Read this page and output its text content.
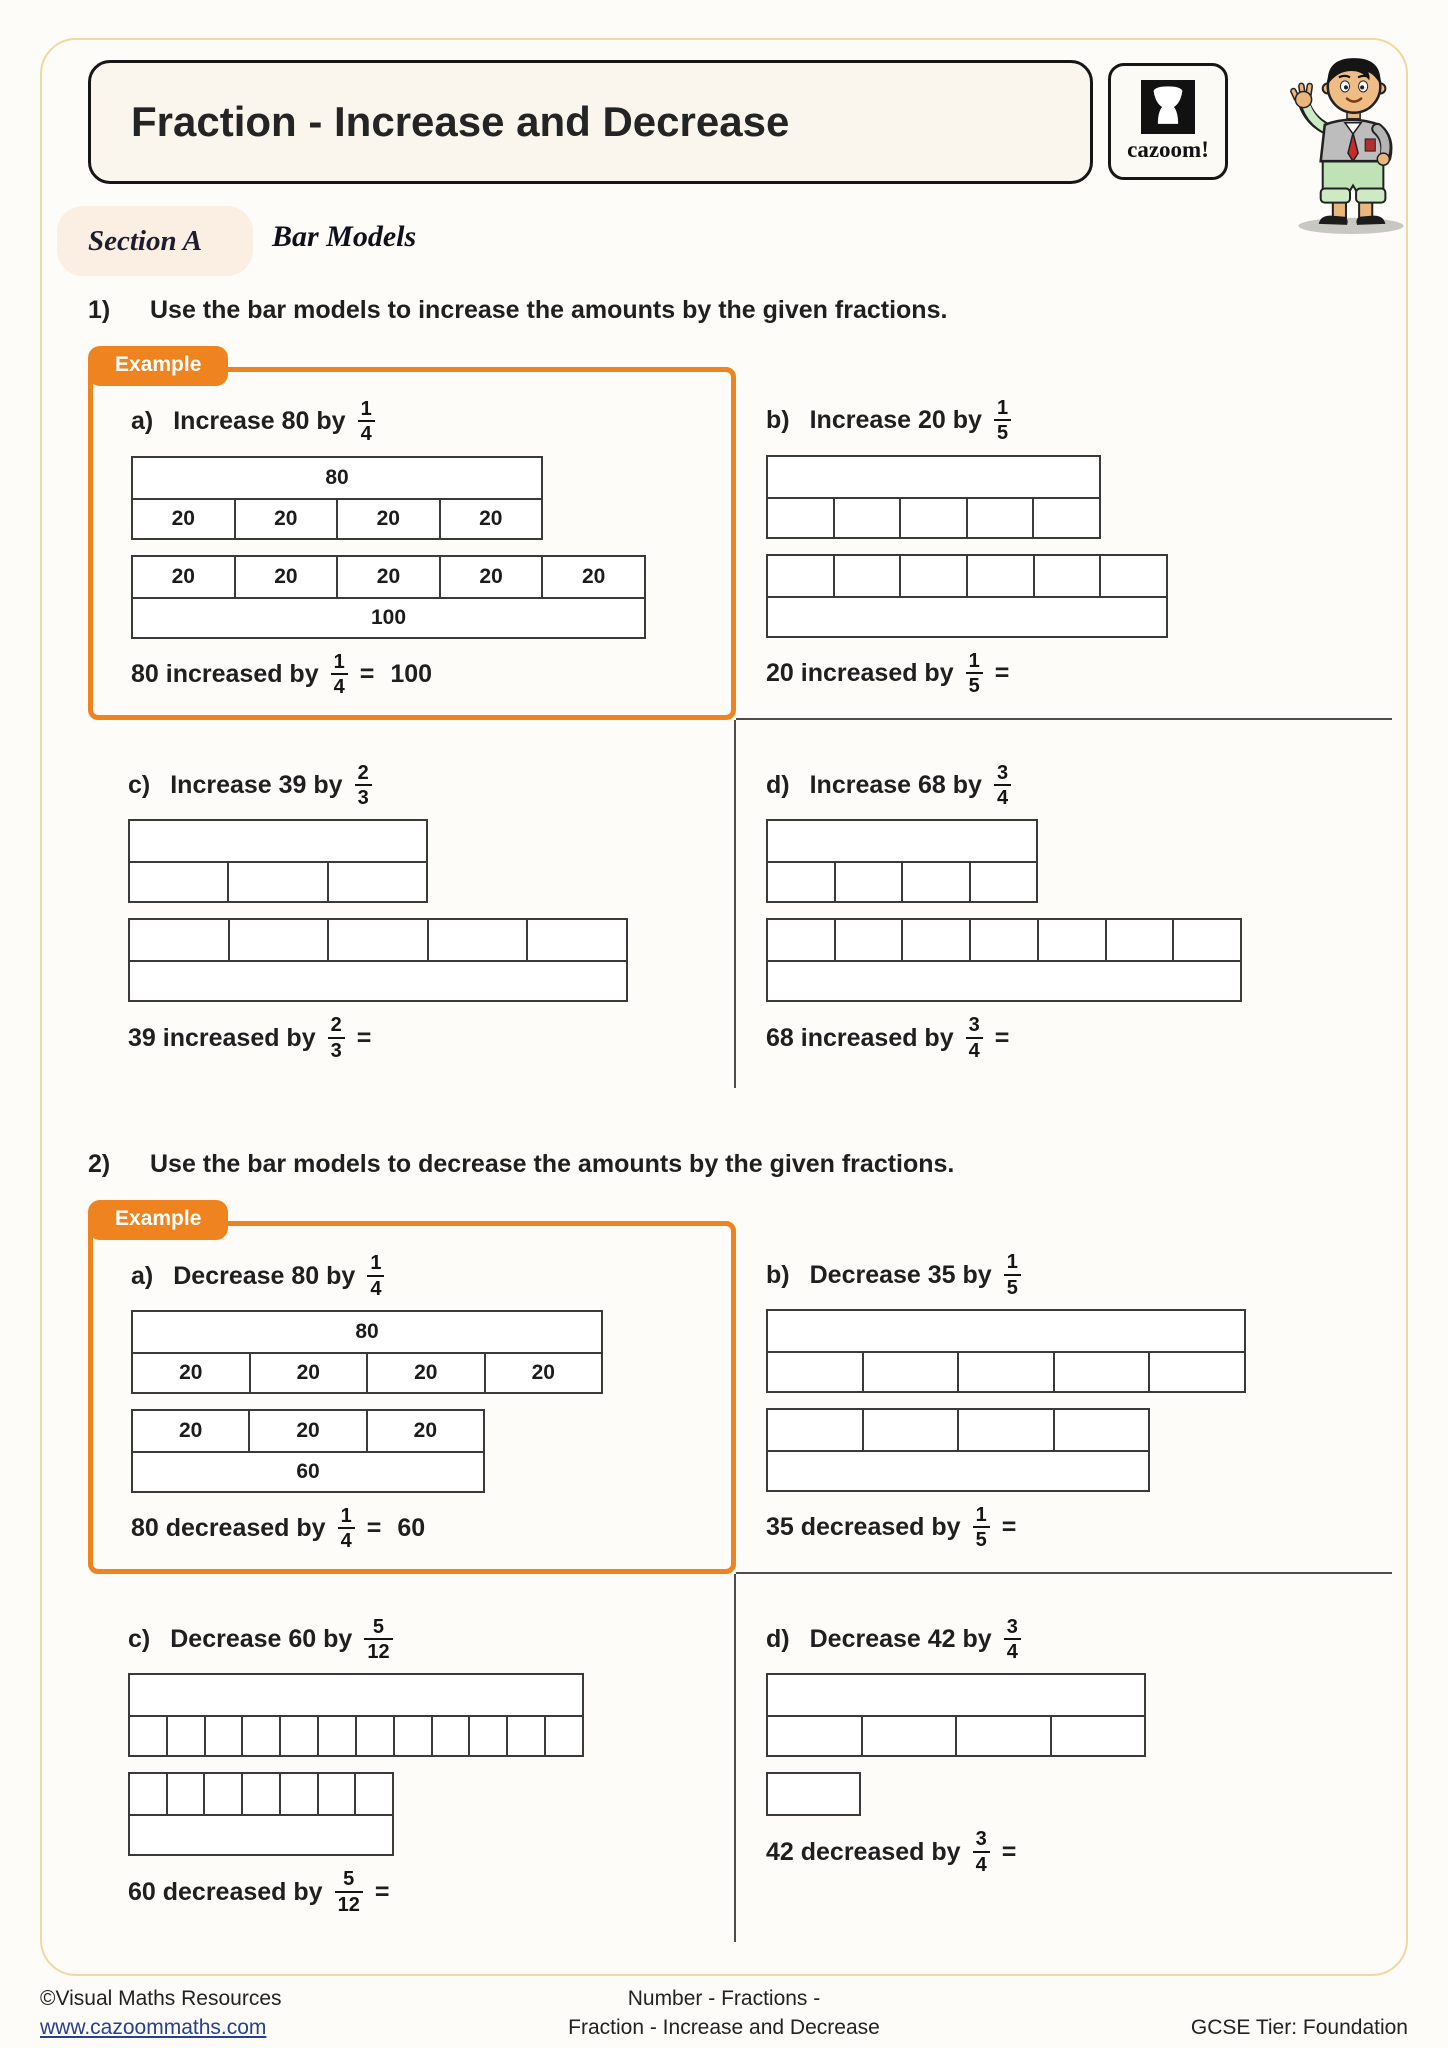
Fraction - Increase and Decrease
cazoom!
Section A Bar Models
1)	Use the bar models to increase the amounts by the given fractions.
Example
a) Increase 80 by $\frac{1}{4}$
80
20	20	20	20
20	20	20	20	20
100
80 increased by $\frac{1}{4} = 100$
b) Increase 20 by $\frac{1}{5}$
20 increased by $\frac{1}{5}$ =
c) Increase 39 by $\frac{2}{3}$
39 increased by $\frac{2}{3}$ =
d) Increase 68 by $\frac{3}{4}$
68 increased by $\frac{3}{4}$ =
2)	Use the bar models to decrease the amounts by the given fractions.
Example
a) Decrease 80 by $\frac{1}{4}$
80
20	20	20	20
20	20	20
60
80 decreased by $\frac{1}{4} = 60$
b) Decrease 35 by $\frac{1}{5}$
35 decreased by $\frac{1}{5}$ =
c) Decrease 60 by $\frac{5}{12}$
60 decreased by $\frac{5}{12}$ =
d) Decrease 42 by $\frac{3}{4}$
42 decreased by $\frac{3}{4}$ =
©Visual Maths Resources
www.cazoommaths.com
Number - Fractions -
Fraction - Increase and Decrease	GCSE Tier: Foundation
